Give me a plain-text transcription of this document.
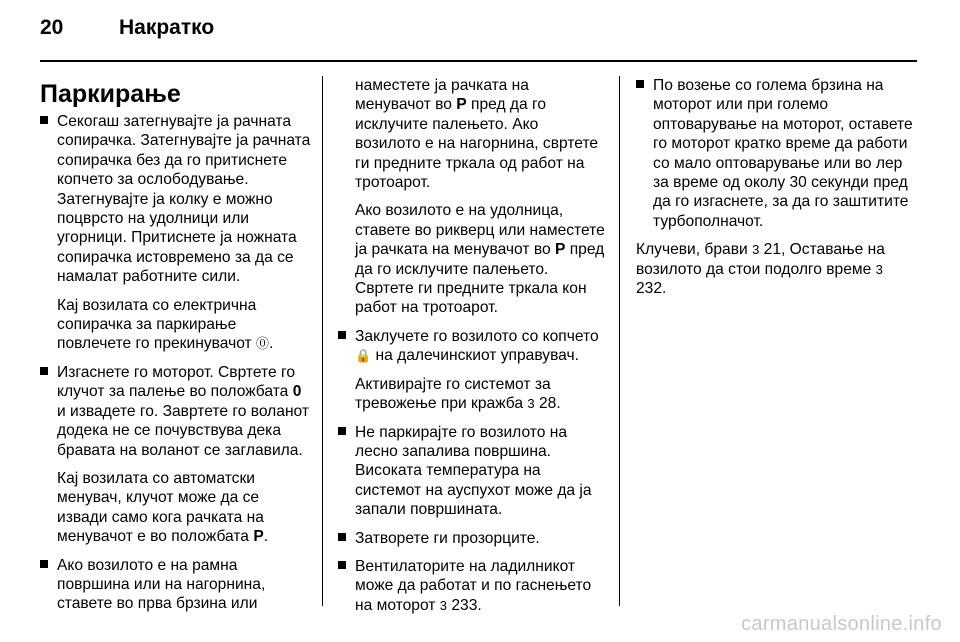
20	Накратко
Паркирање
Секогаш затегнувајте ја рачната сопирачка. Затегнувајте ја рачната сопирачка без да го притиснете копчето за ослободување. Затегнувајте ја колку е можно поцврсто на удолници или угорници. Притиснете ја ножната сопирачка истовремено за да се намалат работните сили.
Кај возилата со електрична сопирачка за паркирање повлечете го прекинувачот ⓪.
Изгаснете го моторот. Свртете го клучот за палење во положбата 0 и извадете го. Завртете го воланот додека не се почувствува дека бравата на воланот се заглавила.
Кај возилата со автоматски менувач, клучот може да се извади само кога рачката на менувачот е во положбата P.
Ако возилото е на рамна површина или на нагорнина, ставете во прва брзина или
наместете ја рачката на менувачот во P пред да го исклучите палењето. Ако возилото е на нагорнина, свртете ги предните тркала од работ на тротоарот.
Ако возилото е на удолница, ставете во рикверц или наместете ја рачката на менувачот во P пред да го исклучите палењето. Свртете ги предните тркала кон работ на тротоарот.
Заклучете го возилото со копчето 🔒 на далечинскиот управувач.
Активирајте го системот за тревожење при кражба 3 28.
Не паркирајте го возилото на лесно запалива површина. Високата температура на системот на ауспухот може да ја запали површината.
Затворете ги прозорците.
Вентилаторите на ладилникот може да работат и по гаснењето на моторот 3 233.
По возење со голема брзина на моторот или при големо оптоварување на моторот, оставете го моторот кратко време да работи со мало оптоварување или во лер за време од околу 30 секунди пред да го изгаснете, за да го заштитите турбополначот.
Клучеви, брави 3 21, Оставање на возилото да стои подолго време 3 232.
carmanualsonline.info
